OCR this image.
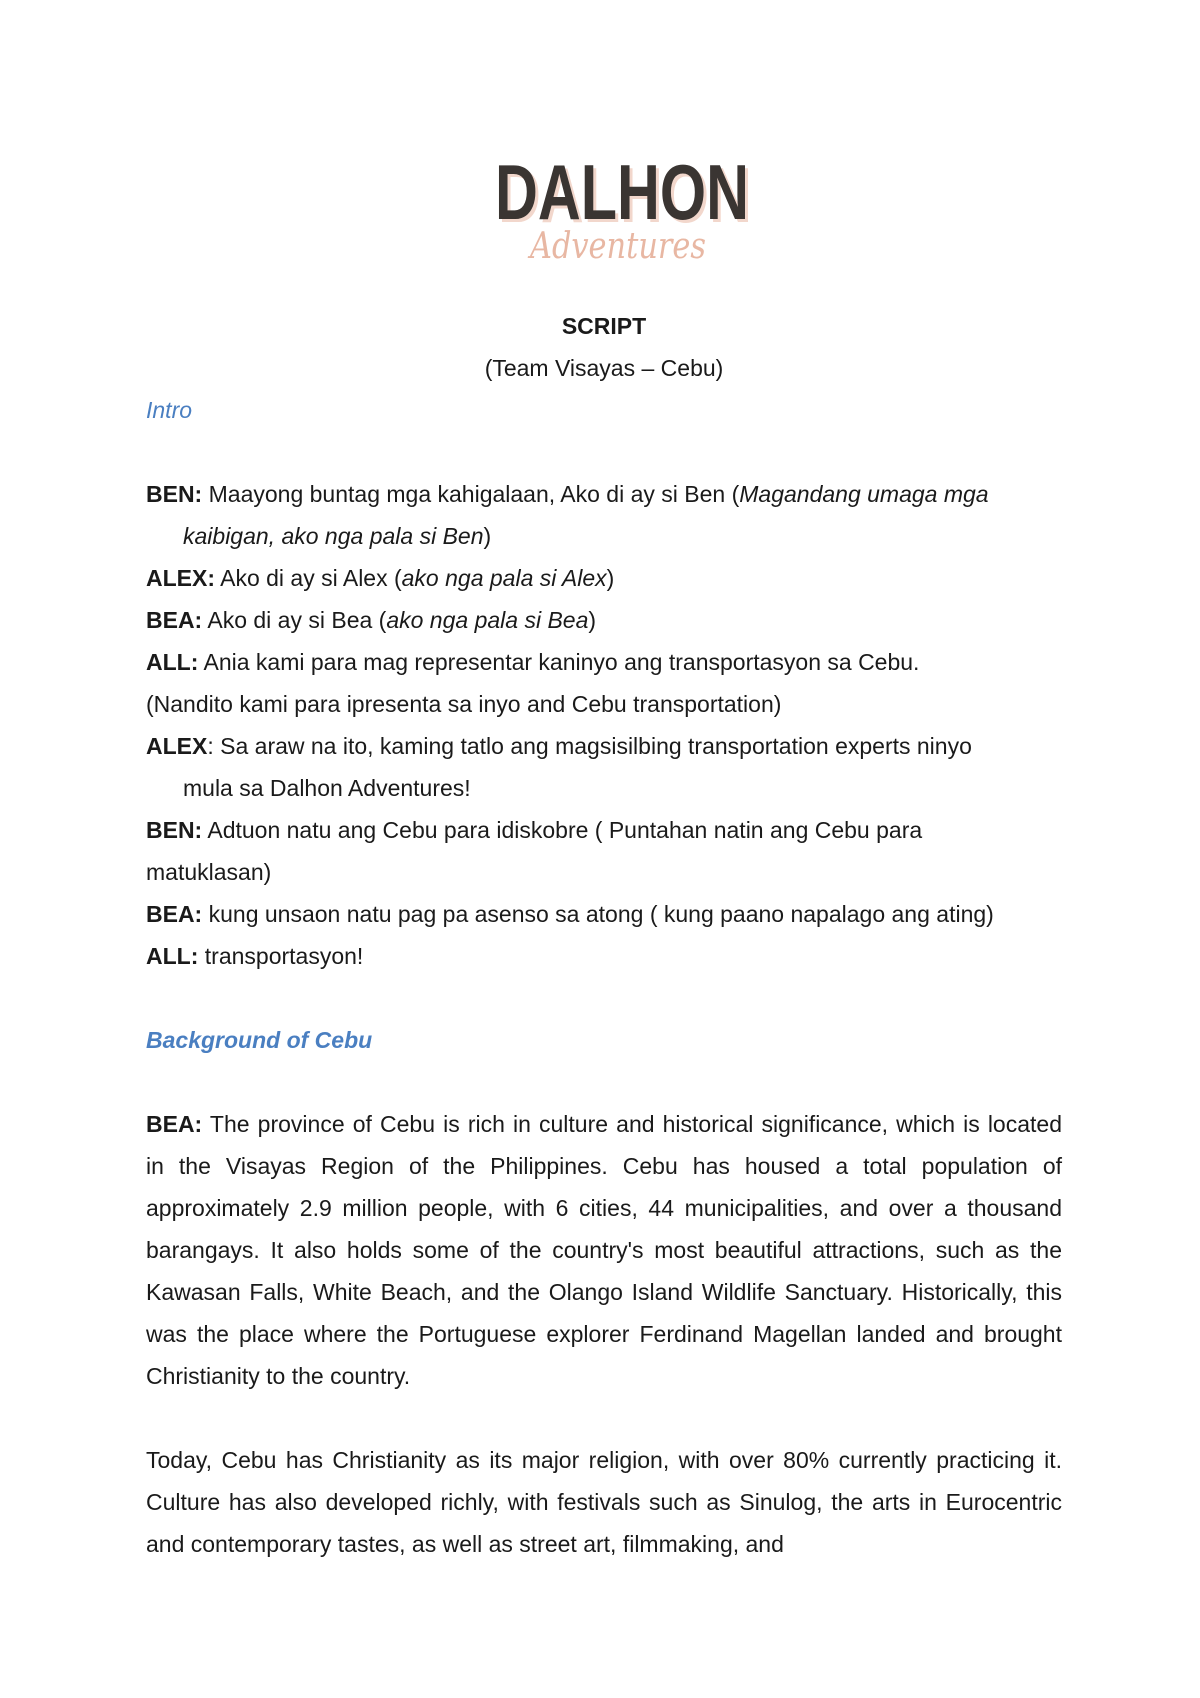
DALHON
DALHON
Adventures
SCRIPT
(Team Visayas – Cebu)
Intro

BEN: Maayong buntag mga kahigalaan, Ako di ay si Ben (Magandang umaga mga

kaibigan, ako nga pala si Ben)

ALEX: Ako di ay si Alex (ako nga pala si Alex)

BEA: Ako di ay si Bea (ako nga pala si Bea)

ALL: Ania kami para mag representar kaninyo ang transportasyon sa Cebu.

(Nandito kami para ipresenta sa inyo and Cebu transportation)

ALEX: Sa araw na ito, kaming tatlo ang magsisilbing transportation experts ninyo

mula sa Dalhon Adventures!

BEN: Adtuon natu ang Cebu para idiskobre ( Puntahan natin ang Cebu para

matuklasan)

BEA: kung unsaon natu pag pa asenso sa atong ( kung paano napalago ang ating)

ALL: transportasyon!

Background of Cebu

BEA: The province of Cebu is rich in culture and historical significance, which is located in the Visayas Region of the Philippines. Cebu has housed a total population of approximately 2.9 million people, with 6 cities, 44 municipalities, and over a thousand barangays. It also holds some of the country's most beautiful attractions, such as the Kawasan Falls, White Beach, and the Olango Island Wildlife Sanctuary. Historically, this was the place where the Portuguese explorer Ferdinand Magellan landed and brought Christianity to the country.

Today, Cebu has Christianity as its major religion, with over 80% currently practicing it. Culture has also developed richly, with festivals such as Sinulog, the arts in Eurocentric and contemporary tastes, as well as street art, filmmaking, and
